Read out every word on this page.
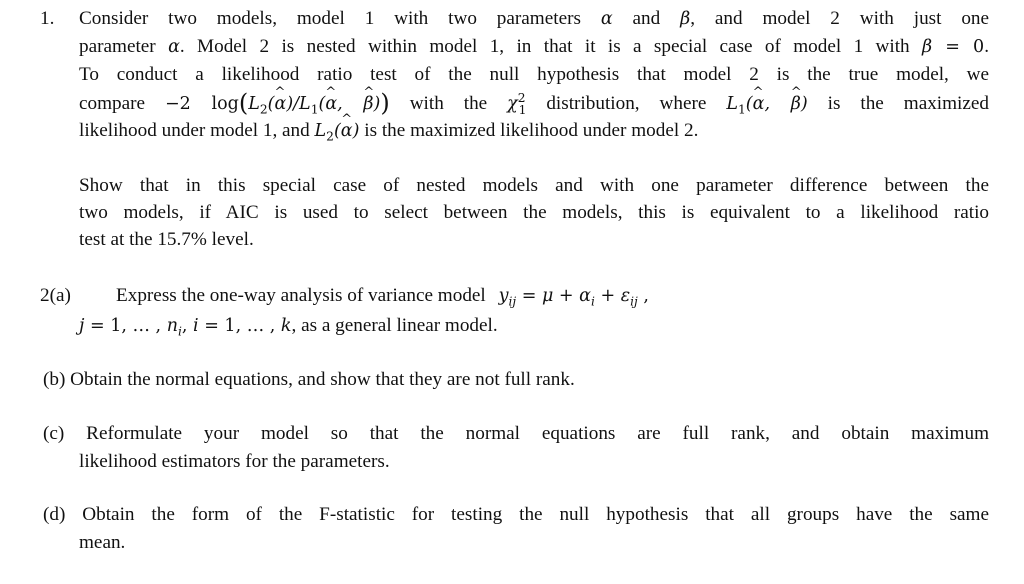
1. Consider two models, model 1 with two parameters α and β, and model 2 with just one
parameter α. Model 2 is nested within model 1, in that it is a special case of model 1 with β = 0.
To conduct a likelihood ratio test of the null hypothesis that model 2 is the true model, we
compare −2 $\log(L_2(\^{}$ $\alpha)/L_1(\^{}$ α, ^ β)) with the $\chi^2_1$ distribution, where $L_1(\^{}$ α, ^ β) is the maximized
likelihood under model 1, and $L_2(\^{}$ α) is the maximized likelihood under model 2.
Show that in this special case of nested models and with one parameter difference between the
two models, if AIC is used to select between the models, this is equivalent to a likelihood ratio
test at the 15.7% level.
2(a) Express the one-way analysis of variance model $y_{ij} = \mu + \alpha_i + \varepsilon_{ij}$ ,
j = 1, … , $n_i$, i = 1, … , k, as a general linear model.
(b) Obtain the normal equations, and show that they are not full rank.
(c) Reformulate your model so that the normal equations are full rank, and obtain maximum
likelihood estimators for the parameters.
(d) Obtain the form of the F-statistic for testing the null hypothesis that all groups have the same
mean.
